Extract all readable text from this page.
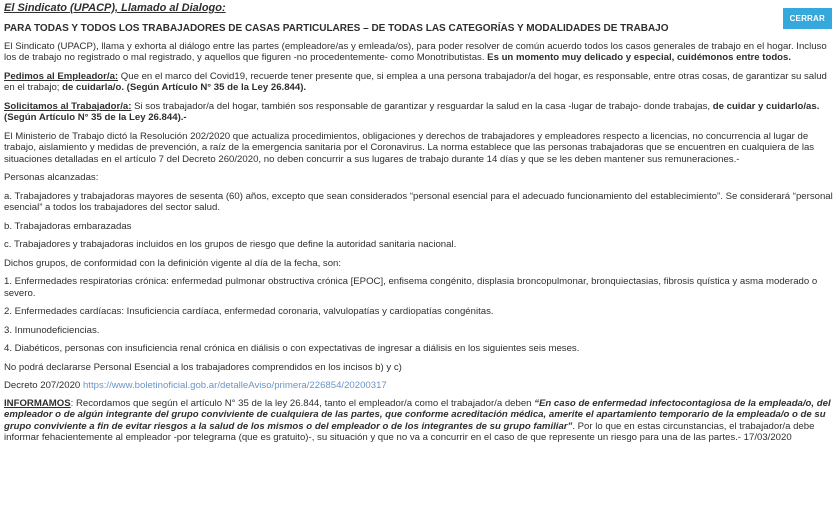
El Sindicato (UPACP), Llamado al Dialogo:
CERRAR

PARA TODAS Y TODOS LOS TRABAJADORES DE CASAS PARTICULARES – DE TODAS LAS CATEGORÍAS Y MODALIDADES DE TRABAJO

El Sindicato (UPACP), llama y exhorta al diálogo entre las partes (empleadore/as y emleada/os), para poder resolver de común acuerdo todos los casos generales de trabajo en el hogar. Incluso los de trabajo no registrado o mal registrado, y aquellos que figuren -no procedentemente- como Monotributistas. Es un momento muy delicado y especial, cuidémonos entre todos.

Pedimos al Empleador/a: Que en el marco del Covid19, recuerde tener presente que, si emplea a una persona trabajador/a del hogar, es responsable, entre otras cosas, de garantizar su salud en el trabajo; de cuidarla/o. (Según Artículo N° 35 de la Ley 26.844).

Solicitamos al Trabajador/a: Si sos trabajador/a del hogar, también sos responsable de garantizar y resguardar la salud en la casa -lugar de trabajo- donde trabajas, de cuidar y cuidarlo/as. (Según Artículo N° 35 de la Ley 26.844).-

El Ministerio de Trabajo dictó la Resolución 202/2020 que actualiza procedimientos, obligaciones y derechos de trabajadores y empleadores respecto a licencias, no concurrencia al lugar de trabajo, aislamiento y medidas de prevención, a raíz de la emergencia sanitaria por el Coronavirus. La norma establece que las personas trabajadoras que se encuentren en cualquiera de las situaciones detalladas en el artículo 7 del Decreto 260/2020, no deben concurrir a sus lugares de trabajo durante 14 días y que se les deben mantener sus remuneraciones.-

Personas alcanzadas:

a. Trabajadores y trabajadoras mayores de sesenta (60) años, excepto que sean considerados “personal esencial para el adecuado funcionamiento del establecimiento”. Se considerará “personal esencial” a todos los trabajadores del sector salud.

b. Trabajadoras embarazadas

c. Trabajadores y trabajadoras incluidos en los grupos de riesgo que define la autoridad sanitaria nacional.

Dichos grupos, de conformidad con la definición vigente al día de la fecha, son:

1. Enfermedades respiratorias crónica: enfermedad pulmonar obstructiva crónica [EPOC], enfisema congénito, displasia broncopulmonar, bronquiectasias, fibrosis quística y asma moderado o severo.

2. Enfermedades cardíacas: Insuficiencia cardíaca, enfermedad coronaria, valvulopatías y cardiopatías congénitas.

3. Inmunodeficiencias.

4. Diabéticos, personas con insuficiencia renal crónica en diálisis o con expectativas de ingresar a diálisis en los siguientes seis meses.

No podrá declararse Personal Esencial a los trabajadores comprendidos en los incisos b) y c)

Decreto 207/2020 https://www.boletinoficial.gob.ar/detalleAviso/primera/226854/20200317

INFORMAMOS: Recordamos que según el artículo N° 35 de la ley 26.844, tanto el empleador/a como el trabajador/a deben “En caso de enfermedad infectocontagiosa de la empleada/o, del empleador o de algún integrante del grupo conviviente de cualquiera de las partes, que conforme acreditación médica, amerite el apartamiento temporario de la empleada/o o de su grupo conviviente a fin de evitar riesgos a la salud de los mismos o del empleador o de los integrantes de su grupo familiar”. Por lo que en estas circunstancias, el trabajador/a debe informar fehacientemente al empleador -por telegrama (que es gratuito)-, su situación y que no va a concurrir en el caso de que represente un riesgo para una de las partes.- 17/03/2020
